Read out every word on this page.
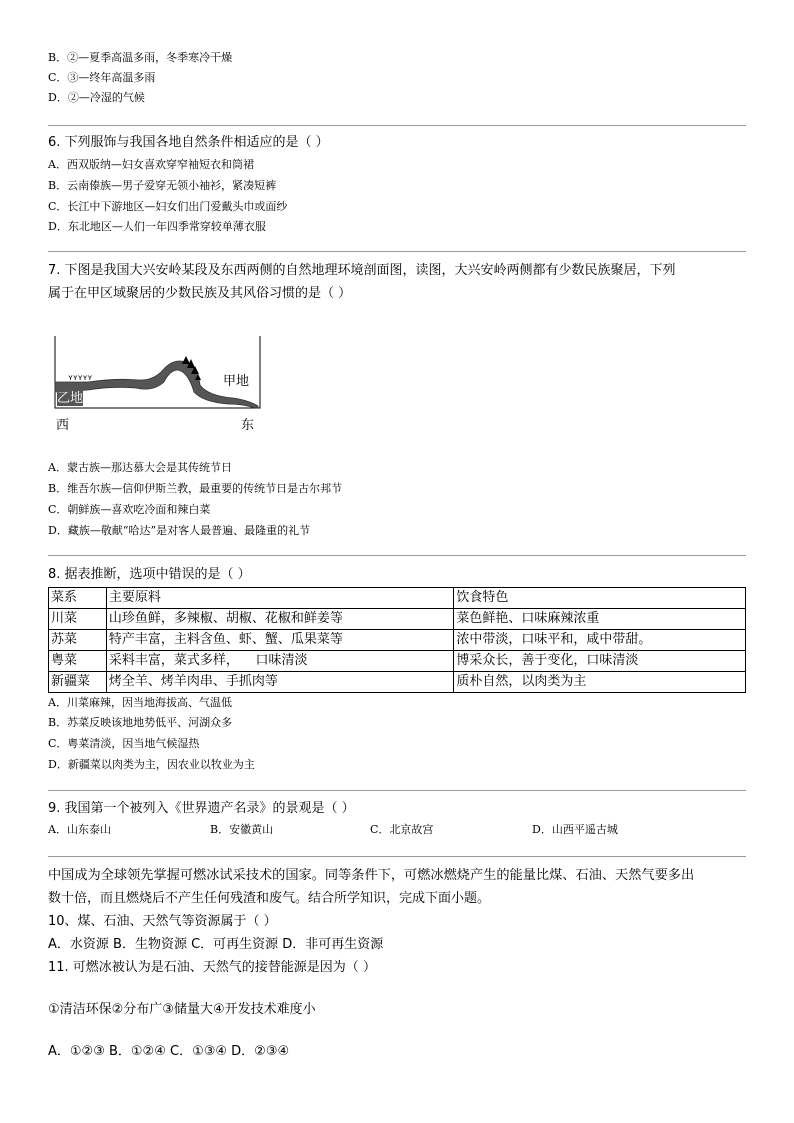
B．②—夏季高温多雨，冬季寒冷干燥
C．③—终年高温多雨
D．②—冷湿的气候
6. 下列服饰与我国各地自然条件相适应的是（ ）
A．西双版纳—妇女喜欢穿窄袖短衣和筒裙
B．云南傣族—男子爱穿无领小袖衫，紧凑短裤
C．长江中下游地区—妇女们出门爱戴头巾或面纱
D．东北地区—人们一年四季常穿较单薄衣服
7. 下图是我国大兴安岭某段及东西两侧的自然地理环境剖面图，读图，大兴安岭两侧都有少数民族聚居，下列
属于在甲区域聚居的少数民族及其风俗习惯的是（ ）
ʏʏʏʏʏ	甲地
乙地
西	东
A．蒙古族—那达慕大会是其传统节日
B．维吾尔族—信仰伊斯兰教，最重要的传统节日是古尔邦节
C．朝鲜族—喜欢吃冷面和辣白菜
D．藏族—敬献“哈达”是对客人最普遍、最隆重的礼节
8. 据表推断，选项中错误的是（ ）
菜系	主要原料	饮食特色
川菜	山珍鱼鲜，多辣椒、胡椒、花椒和鲜姜等	菜色鲜艳、口味麻辣浓重
苏菜	特产丰富，主料含鱼、虾、蟹、瓜果菜等	浓中带淡，口味平和，咸中带甜。
粤菜	采料丰富，菜式多样，    口味清淡	博采众长，善于变化，口味清淡
新疆菜	烤全羊、烤羊肉串、手抓肉等	质朴自然，以肉类为主
A．川菜麻辣，因当地海拔高、气温低
B．苏菜反映该地地势低平、河湖众多
C．粤菜清淡，因当地气候湿热
D．新疆菜以肉类为主，因农业以牧业为主
9. 我国第一个被列入《世界遗产名录》的景观是（ ）
A．山东泰山	B．安徽黄山	C．北京故宫	D．山西平遥古城
中国成为全球领先掌握可燃冰试采技术的国家。同等条件下，可燃冰燃烧产生的能量比煤、石油、天然气要多出
数十倍，而且燃烧后不产生任何残渣和废气。结合所学知识，完成下面小题。
10、煤、石油、天然气等资源属于（ ）
A．水资源 B．生物资源 C．可再生资源 D．非可再生资源
11. 可燃冰被认为是石油、天然气的接替能源是因为（ ）
①清洁环保②分布广③储量大④开发技术难度小
A．①②③ B．①②④ C．①③④ D．②③④
